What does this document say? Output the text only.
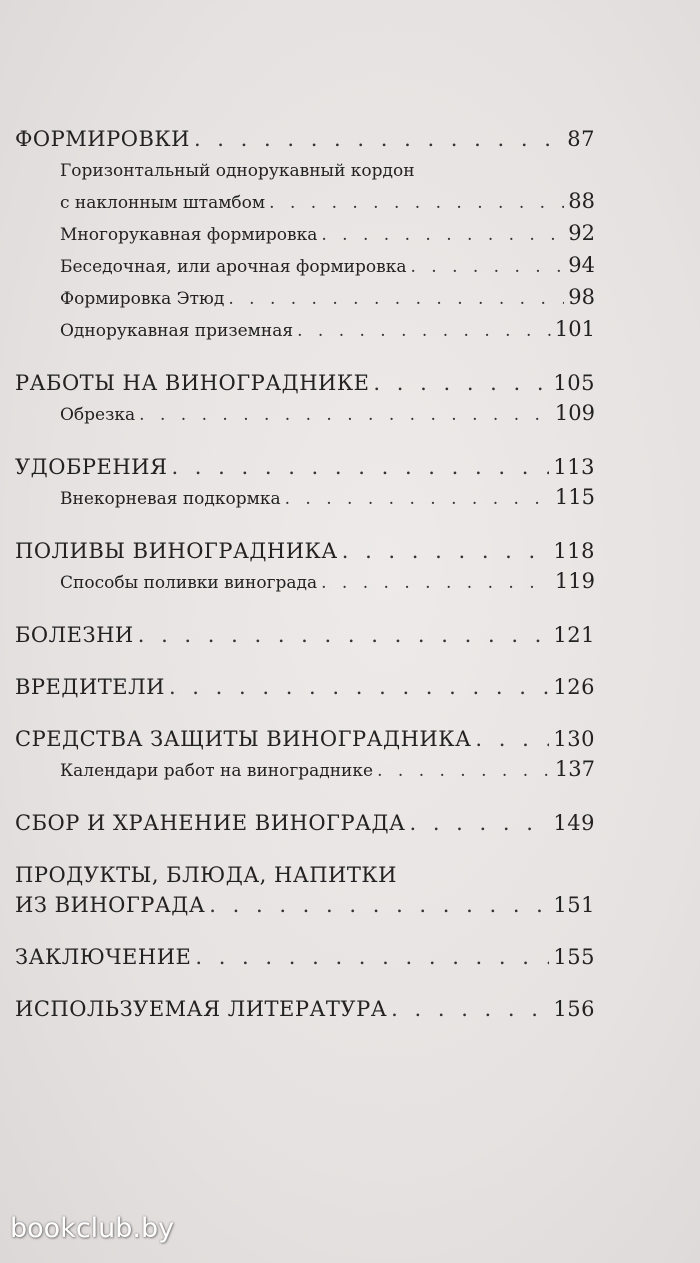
ФОРМИРОВКИ . . .	87
Горизонтальный однорукавный кордон
с наклонным штамбом . . .	88
Многорукавная формировка . . .	92
Беседочная, или арочная формировка . . .	94
Формировка Этюд . . .	98
Однорукавная приземная . . .	101
РАБОТЫ НА ВИНОГРАДНИКЕ . . .	105
Обрезка . . .	109
УДОБРЕНИЯ . . .	113
Внекорневая подкормка . . .	115
ПОЛИВЫ ВИНОГРАДНИКА . . .	118
Способы поливки винограда . . .	119
БОЛЕЗНИ . . .	121
ВРЕДИТЕЛИ . . .	126
СРЕДСТВА ЗАЩИТЫ ВИНОГРАДНИКА . . .	130
Календари работ на винограднике . . .	137
СБОР И ХРАНЕНИЕ ВИНОГРАДА . . .	149
ПРОДУКТЫ, БЛЮДА, НАПИТКИ
ИЗ ВИНОГРАДА . . .	151
ЗАКЛЮЧЕНИЕ . . .	155
ИСПОЛЬЗУЕМАЯ ЛИТЕРАТУРА . . .	156
bookclub.by
